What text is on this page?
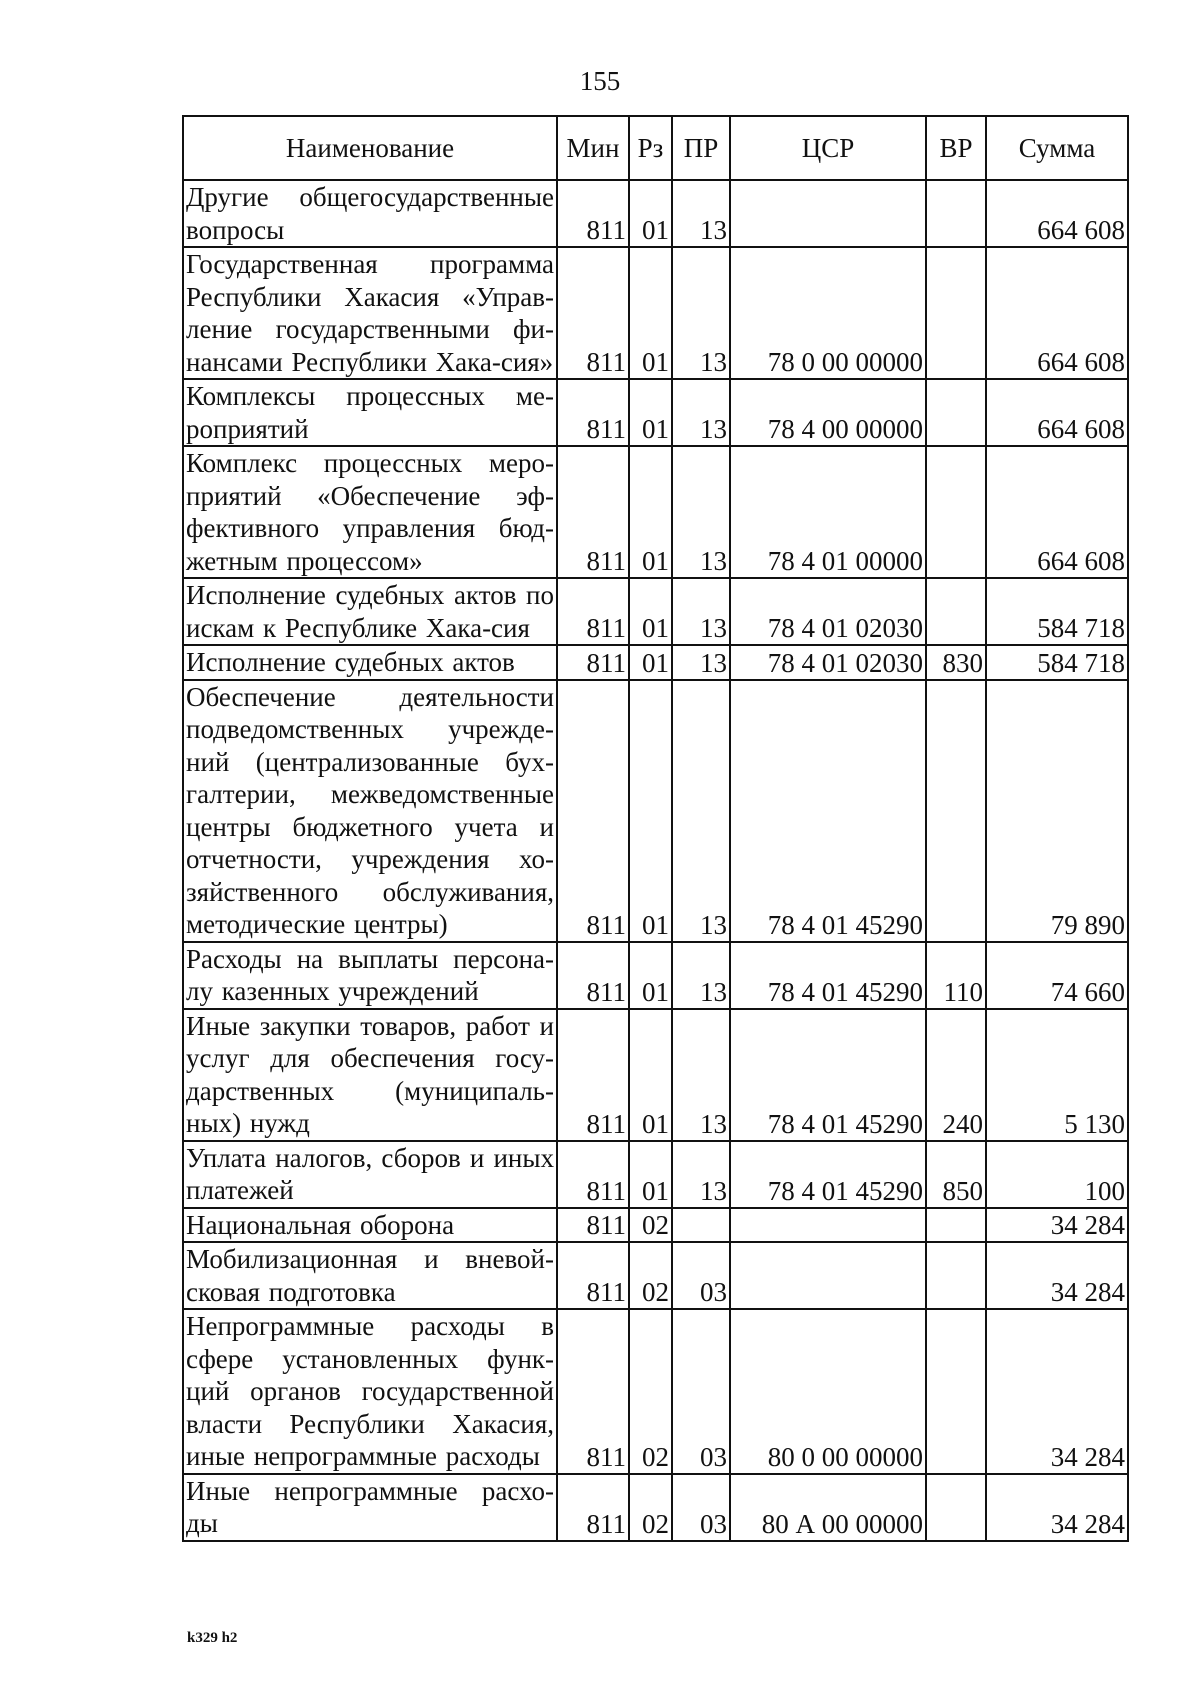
155
Наименование	Мин	Рз	ПР	ЦСР	ВР	Сумма
Другие общегосударственные вопросы	811	01	13			664 608
Государственная программа Республики Хакасия «Управ-ление государственными фи-нансами Республики Хака-сия»	811	01	13	78 0 00 00000		664 608
Комплексы процессных ме-роприятий	811	01	13	78 4 00 00000		664 608
Комплекс процессных меро-приятий «Обеспечение эф-фективного управления бюд-жетным процессом»	811	01	13	78 4 01 00000		664 608
Исполнение судебных актов по искам к Республике Хака-сия	811	01	13	78 4 01 02030		584 718
Исполнение судебных актов	811	01	13	78 4 01 02030	830	584 718
Обеспечение деятельности подведомственных учрежде-ний (централизованные бух-галтерии, межведомственные центры бюджетного учета и отчетности, учреждения хо-зяйственного обслуживания, методические центры)	811	01	13	78 4 01 45290		79 890
Расходы на выплаты персона-лу казенных учреждений	811	01	13	78 4 01 45290	110	74 660
Иные закупки товаров, работ и услуг для обеспечения госу-дарственных (муниципаль-ных) нужд	811	01	13	78 4 01 45290	240	5 130
Уплата налогов, сборов и иных платежей	811	01	13	78 4 01 45290	850	100
Национальная оборона	811	02				34 284
Мобилизационная и вневой-сковая подготовка	811	02	03			34 284
Непрограммные расходы в сфере установленных функ-ций органов государственной власти Республики Хакасия, иные непрограммные расходы	811	02	03	80 0 00 00000		34 284
Иные непрограммные расхо-ды	811	02	03	80 А 00 00000		34 284
k329 h2
